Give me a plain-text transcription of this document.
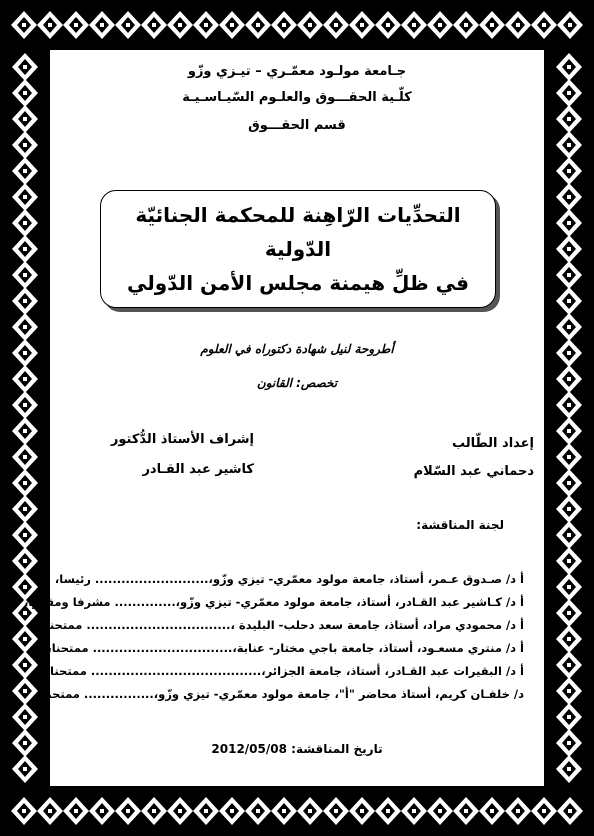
جـامعة مولـود معمّـري – تيـزي وزّو
كلّـية الحقـــوق والعلـوم السّيـاسـيـة
قسم الحقـــوق
التحدِّيات الرّاهِنة للمحكمة الجنائيّة الدّولية
في ظلِّ هيمنة مجلس الأمن الدّولي
أطروحة لنيل شهادة دكتوراه في العلوم
تخصص: القانون
إعداد الطّالب
دحماني عبد السّلام
إشراف الأستاذ الدُّكتور
كاشير عبد القـادر
لجنة المناقشة:
أ د/ صـدوق عـمر، أستاذ، جامعة مولود معمّري- تيزي وزّو،.......................... رئيسا،
أ د/ كـاشير عبد القـادر، أستاذ، جامعة مولود معمّري- تيزي وزّو،.............. مشرفا ومقرّرا،
أ د/ محمودي مراد، أستاذ، جامعة سعد دحلب- البليدة ،................................. ممتحنا،
أ د/ منتري مسعـود، أستاذ، جامعة باجي مختار- عنابة،................................ ممتحنا،
أ د/ البقيرات عبد القـادر، أستاذ، جامعة الجزائر،....................................... ممتحنا،
د/ خلفـان كريم، أستاذ محاضر "أ"، جامعة مولود معمّري- تيزي وزّو،................ ممتحنا.
تاريخ المناقشة: 2012/05/08
